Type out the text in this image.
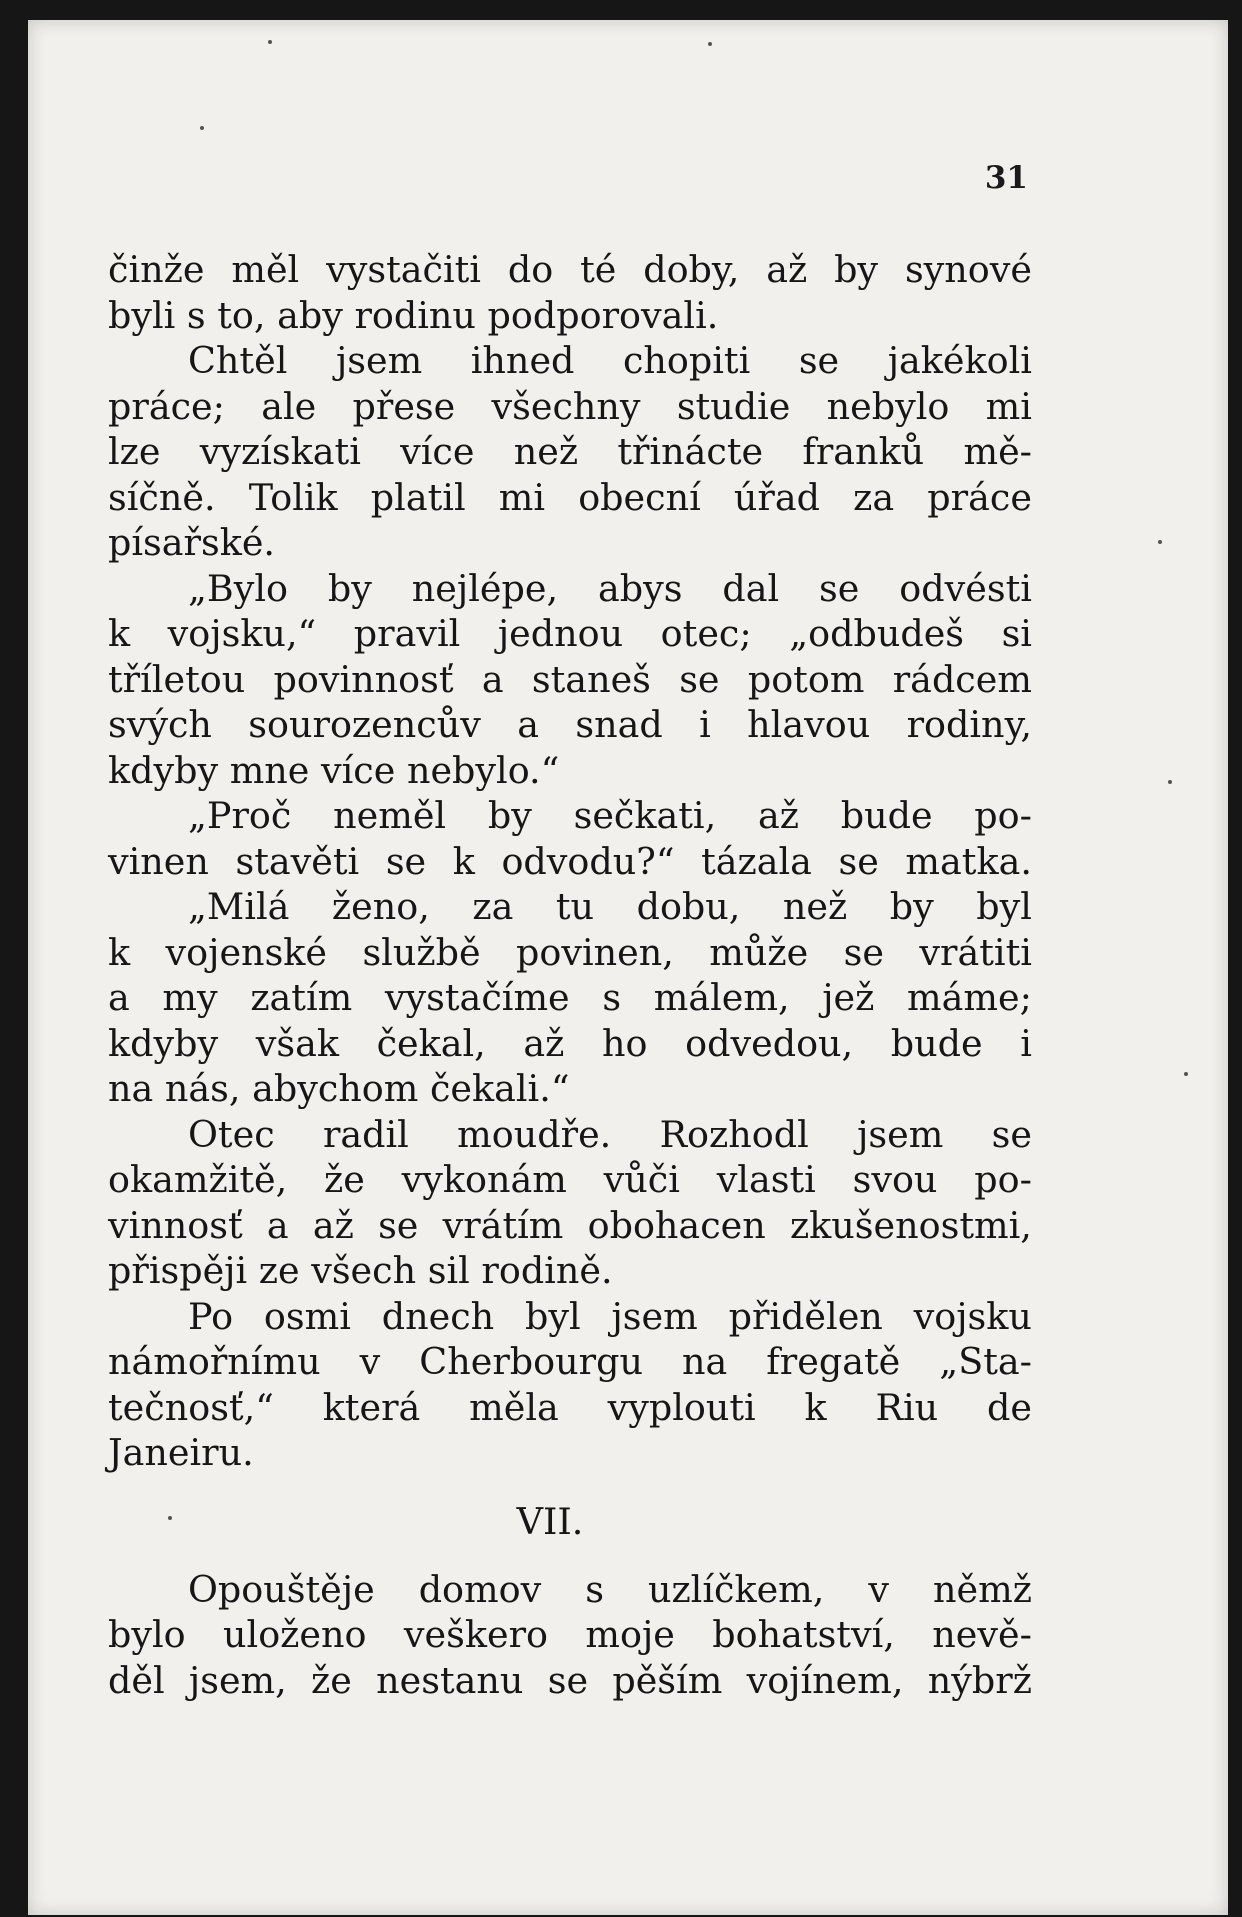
31
činže měl vystačiti do té doby, až by synové
byli s to, aby rodinu podporovali.
Chtěl jsem ihned chopiti se jakékoli
práce; ale přese všechny studie nebylo mi
lze vyzískati více než třinácte franků mě-
síčně. Tolik platil mi obecní úřad za práce
písařské.
„Bylo by nejlépe, abys dal se odvésti
k vojsku,“ pravil jednou otec; „odbudeš si
tříletou povinnosť a staneš se potom rádcem
svých sourozencův a snad i hlavou rodiny,
kdyby mne více nebylo.“
„Proč neměl by sečkati, až bude po-
vinen stavěti se k odvodu?“ tázala se matka.
„Milá ženo, za tu dobu, než by byl
k vojenské službě povinen, může se vrátiti
a my zatím vystačíme s málem, jež máme;
kdyby však čekal, až ho odvedou, bude i
na nás, abychom čekali.“
Otec radil moudře. Rozhodl jsem se
okamžitě, že vykonám vůči vlasti svou po-
vinnosť a až se vrátím obohacen zkušenostmi,
přispěji ze všech sil rodině.
Po osmi dnech byl jsem přidělen vojsku
námořnímu v Cherbourgu na fregatě „Sta-
tečnosť,“ která měla vyplouti k Riu de
Janeiru.
VII.
Opouštěje domov s uzlíčkem, v němž
bylo uloženo veškero moje bohatství, nevě-
děl jsem, že nestanu se pěším vojínem, nýbrž
